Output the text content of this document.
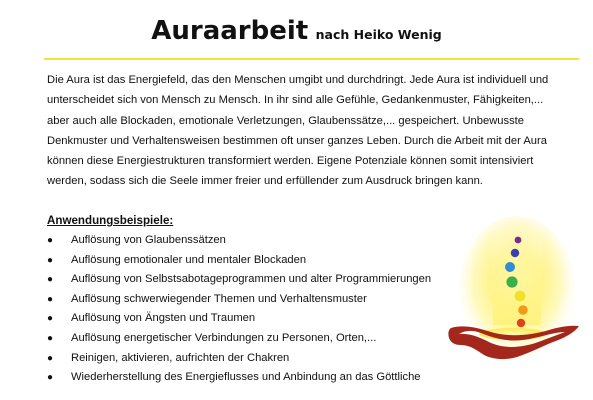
Auraarbeit nach Heiko Wenig

Die Aura ist das Energiefeld, das den Menschen umgibt und durchdringt. Jede Aura ist individuell und unterscheidet sich von Mensch zu Mensch. In ihr sind alle Gefühle, Gedankenmuster, Fähigkeiten,... aber auch alle Blockaden, emotionale Verletzungen, Glaubenssätze,... gespeichert. Unbewusste Denkmuster und Verhaltensweisen bestimmen oft unser ganzes Leben. Durch die Arbeit mit der Aura können diese Energiestrukturen transformiert werden. Eigene Potenziale können somit intensiviert werden, sodass sich die Seele immer freier und erfüllender zum Ausdruck bringen kann.

Anwendungsbeispiele:
●	Auflösung von Glaubenssätzen
●	Auflösung emotionaler und mentaler Blockaden
●	Auflösung von Selbstsabotageprogrammen und alter Programmierungen
●	Auflösung schwerwiegender Themen und Verhaltensmuster
●	Auflösung von Ängsten und Traumen
●	Auflösung energetischer Verbindungen zu Personen, Orten,...
●	Reinigen, aktivieren, aufrichten der Chakren
●	Wiederherstellung des Energieflusses und Anbindung an das Göttliche
